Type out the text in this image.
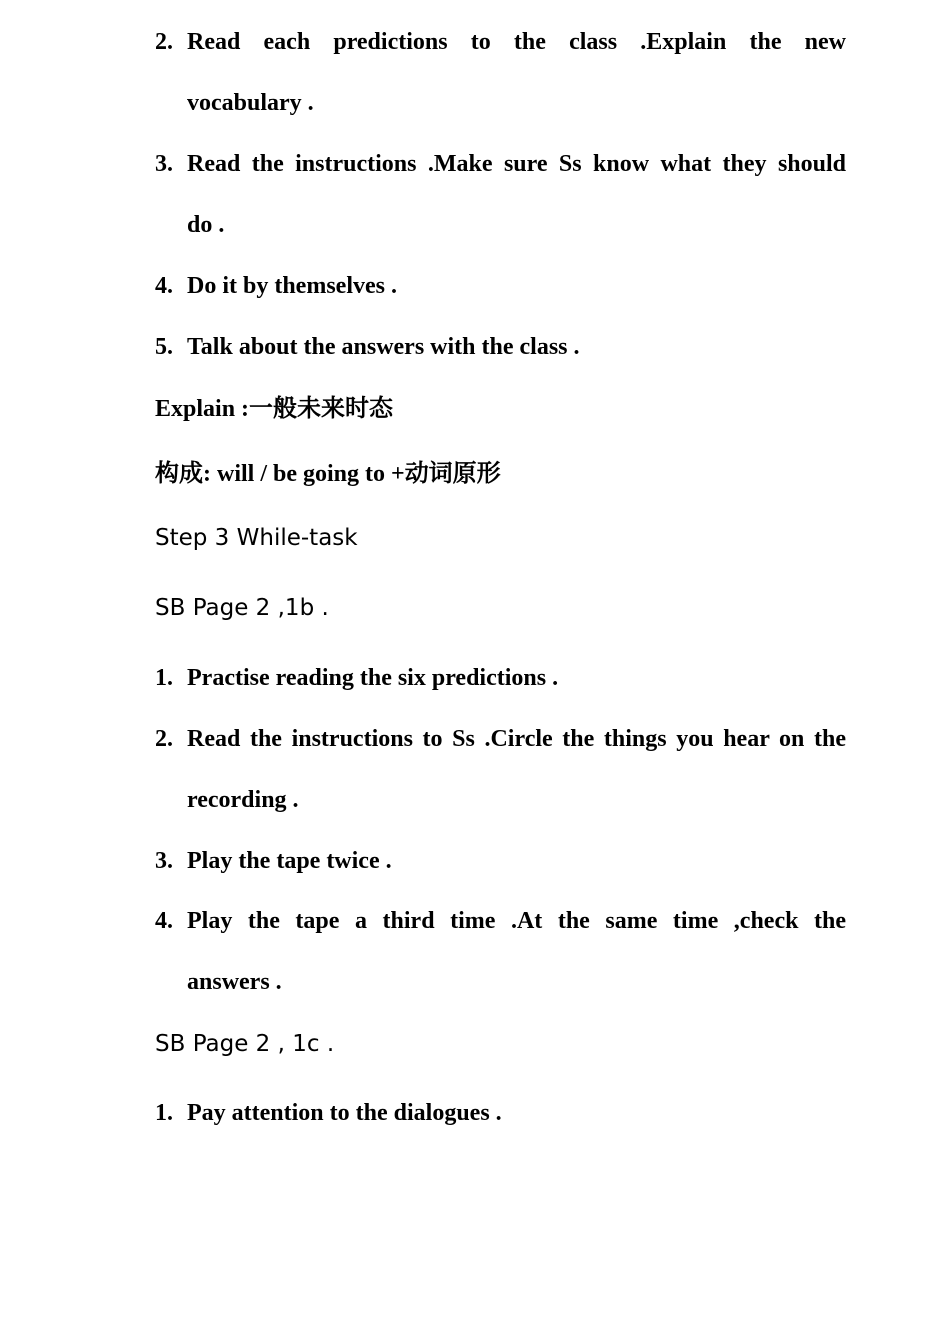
2. Read each predictions to the class .Explain the new
vocabulary .
3. Read the instructions .Make sure Ss know what they should
do .
4. Do it by themselves .
5. Talk about the answers with the class .
Explain :一般未来时态
构成: will / be going to +动词原形
Step 3 While-task
SB Page 2 ,1b .
1. Practise reading the six predictions .
2. Read the instructions to Ss .Circle the things you hear on the
recording .
3. Play the tape twice .
4. Play the tape a third time .At the same time ,check the
answers .
SB Page 2 , 1c .
1. Pay attention to the dialogues .
